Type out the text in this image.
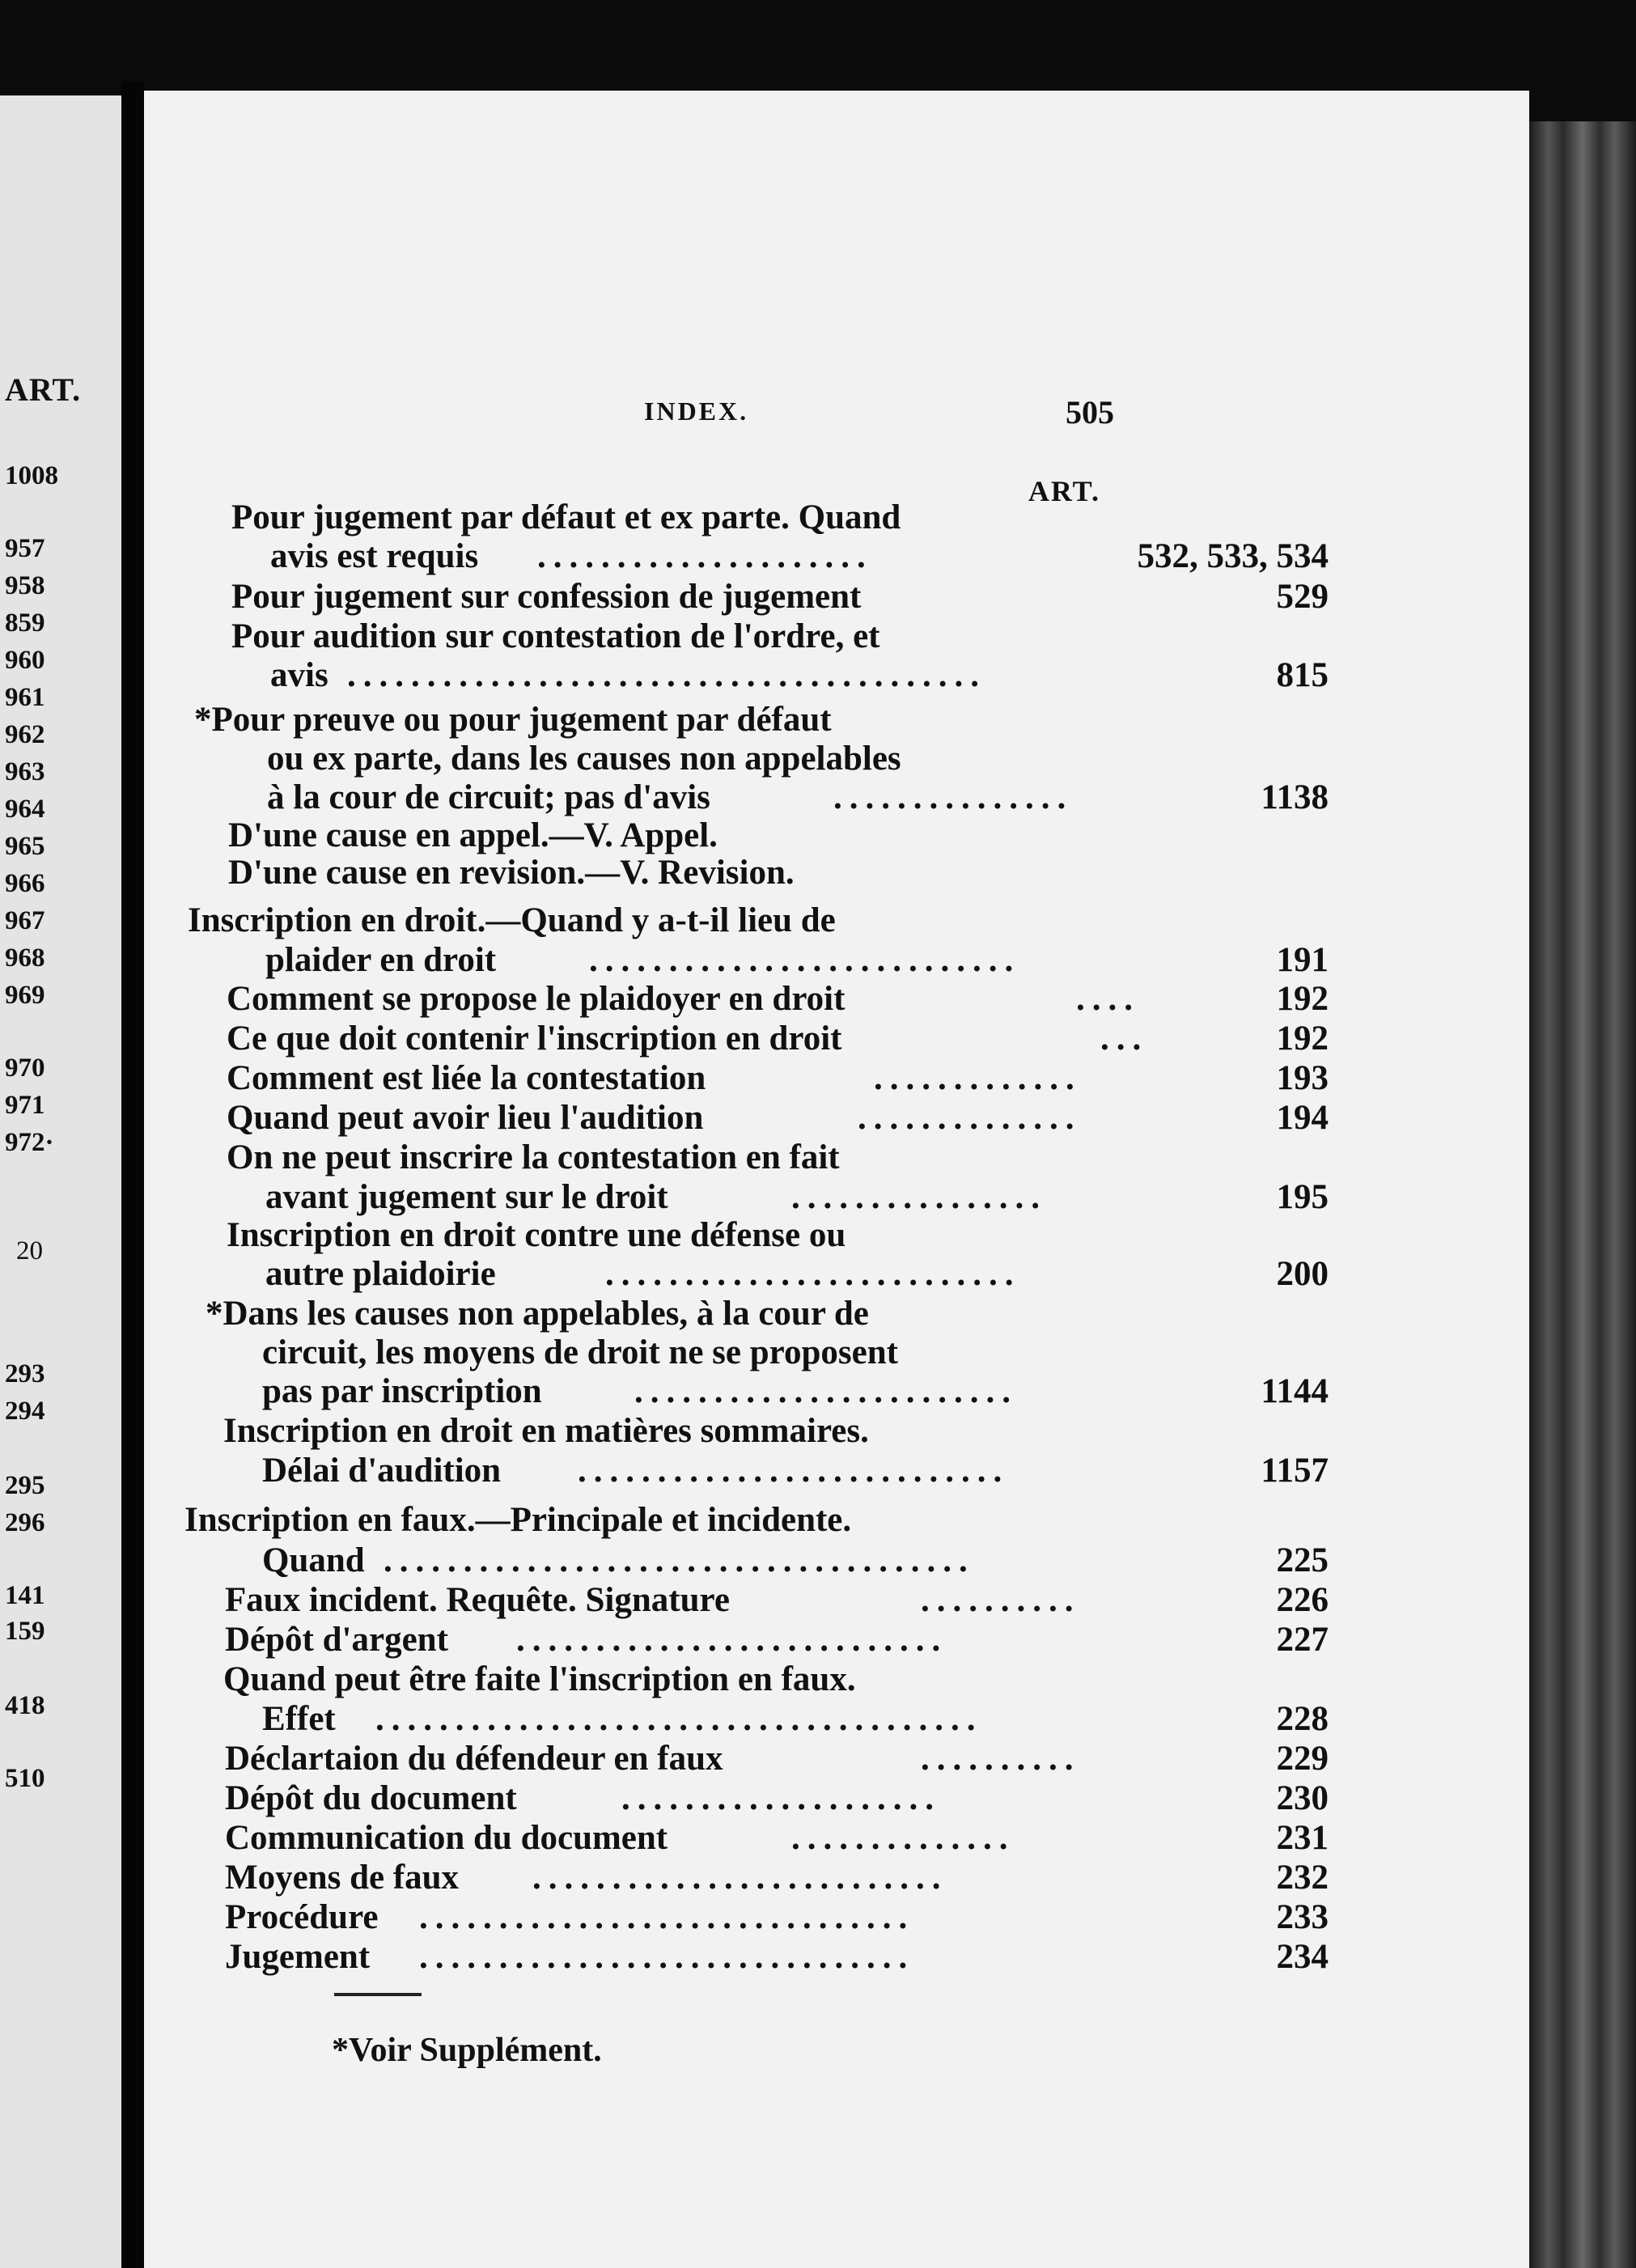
ART.
1008
957
958
859
960
961
962
963
964
965
966
967
968
969
970
971
972·
20
293
294
295
296
141
159
418
510
INDEX.	505
ART.
Pour jugement par défaut et ex parte. Quand
avis est requis .....................	532, 533, 534
Pour jugement sur confession de jugement	529
Pour audition sur contestation de l'ordre, et
avis ........................................	815
*Pour preuve ou pour jugement par défaut
ou ex parte, dans les causes non appelables
à la cour de circuit; pas d'avis	...............	1138
D'une cause en appel.—V. Appel.
D'une cause en revision.—V. Revision.
Inscription en droit.—Quand y a-t-il lieu de
plaider en droit	...........................	191
Comment se propose le plaidoyer en droit	....	192
Ce que doit contenir l'inscription en droit	...	192
Comment est liée la contestation	.............	193
Quand peut avoir lieu l'audition	..............	194
On ne peut inscrire la contestation en fait
avant jugement sur le droit	................	195
Inscription en droit contre une défense ou
autre plaidoirie	..........................	200
*Dans les causes non appelables, à la cour de
circuit, les moyens de droit ne se proposent
pas par inscription	........................	1144
Inscription en droit en matières sommaires.
Délai d'audition ...........................	1157
Inscription en faux.—Principale et incidente.
Quand .....................................	225
Faux incident. Requête. Signature	..........	226
Dépôt d'argent ...........................	227
Quand peut être faite l'inscription en faux.
Effet ......................................	228
Déclartaion du défendeur en faux	..........	229
Dépôt du document	....................	230
Communication du document	..............	231
Moyens de faux ..........................	232
Procédure ...............................	233
Jugement ...............................	234
*Voir Supplément.
